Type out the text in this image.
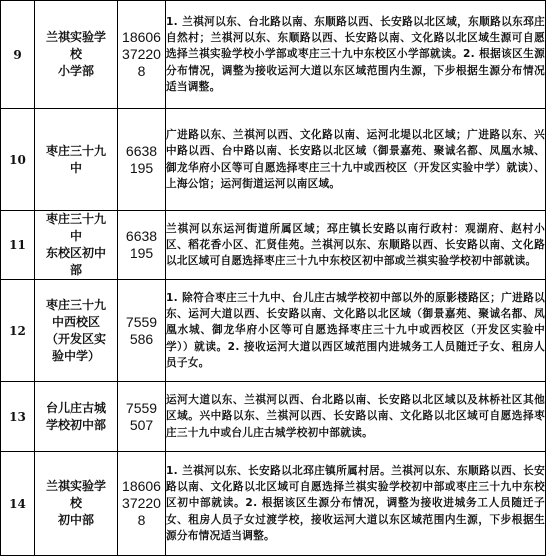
9	兰祺实验学
校
小学部	18606
37220
8	1. 兰祺河以东、台北路以南、东顺路以西、长安路以北区域，东顺路以东邳庄自然村；兰祺河以东、东顺路以西、长安路以南、文化路以北区域生源可自愿选择兰祺实验学校小学部或枣庄三十九中东校区小学部就读。2. 根据该区生源分布情况，调整为接收运河大道以东区域范围内生源，下步根据生源分布情况适当调整。
10	枣庄三十九
中	6638
195	广进路以东、兰祺河以西、文化路以南、运河北堤以北区域；广进路以东、兴中路以西、台中路以南、长安路以北区域（御景嘉苑、聚诚名都、凤凰水城、御龙华府小区等可自愿选择枣庄三十九中或西校区（开发区实验中学）就读）、上海公馆；运河街道运河以南区域。
11	枣庄三十九
中
东校区初中
部	6638
195	兰祺河以东运河街道所属区域；邳庄镇长安路以南行政村：观湖府、赵村小区、稻花香小区、汇贤佳苑。兰祺河以东、东顺路以西、长安路以南、文化路以北区域可自愿选择枣庄三十九中东校区初中部或兰祺实验学校初中部就读。
12	枣庄三十九
中西校区
（开发区实
验中学）	7559
586	1. 除符合枣庄三十九中、台儿庄古城学校初中部以外的原影楼路区；广进路以东、运河大道以西、长安路以南、文化路以北区域（御景嘉苑、聚诚名都、凤凰水城、御龙华府小区等可自愿选择枣庄三十九中或西校区（开发区实验中学））就读。2. 接收运河大道以西区域范围内进城务工人员随迁子女、租房人员子女。
13	台儿庄古城
学校初中部	7559
507	运河大道以东、兰祺河以西、台北路以南、长安路以北区域以及林桥社区其他区域。兴中路以东、兰祺河以西、长安路以南、文化路以北区域可自愿选择枣庄三十九中或台儿庄古城学校初中部就读。
14	兰祺实验学
校
初中部	18606
37220
8	1. 兰祺河以东、长安路以北邳庄镇所属村居。兰祺河以东、东顺路以西、长安路以南、文化路以北区域可自愿选择兰祺实验学校初中部或枣庄三十九中东校区初中部就读。2. 根据该区生源分布情况，调整为接收进城务工人员随迁子女、租房人员子女过渡学校，接收运河大道以东区域范围内生源，下步根据生源分布情况适当调整。
